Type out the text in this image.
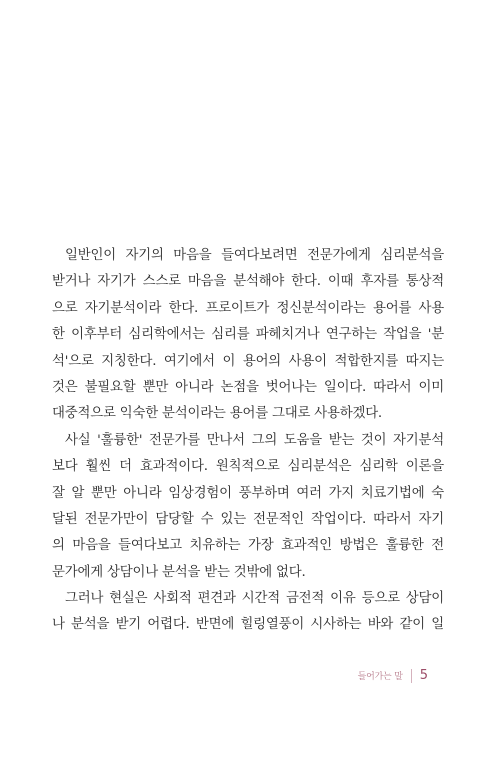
일반인이 자기의 마음을 들여다보려면 전문가에게 심리분석을
받거나 자기가 스스로 마음을 분석해야 한다. 이때 후자를 통상적
으로 자기분석이라 한다. 프로이트가 정신분석이라는 용어를 사용
한 이후부터 심리학에서는 심리를 파헤치거나 연구하는 작업을 '분
석'으로 지칭한다. 여기에서 이 용어의 사용이 적합한지를 따지는
것은 불필요할 뿐만 아니라 논점을 벗어나는 일이다. 따라서 이미
대중적으로 익숙한 분석이라는 용어를 그대로 사용하겠다.
사실 '훌륭한' 전문가를 만나서 그의 도움을 받는 것이 자기분석
보다 훨씬 더 효과적이다. 원칙적으로 심리분석은 심리학 이론을
잘 알 뿐만 아니라 임상경험이 풍부하며 여러 가지 치료기법에 숙
달된 전문가만이 담당할 수 있는 전문적인 작업이다. 따라서 자기
의 마음을 들여다보고 치유하는 가장 효과적인 방법은 훌륭한 전
문가에게 상담이나 분석을 받는 것밖에 없다.
그러나 현실은 사회적 편견과 시간적 금전적 이유 등으로 상담이
나 분석을 받기 어렵다. 반면에 힐링열풍이 시사하는 바와 같이 일
들어가는 말 5
